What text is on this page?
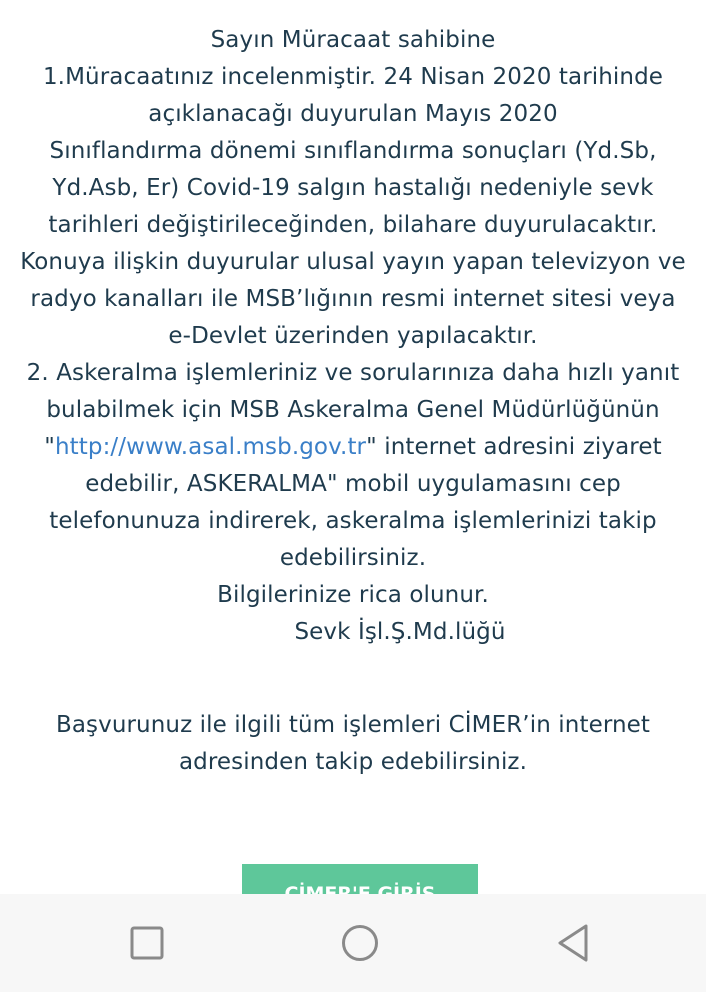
Sayın Müracaat sahibine
1.Müracaatınız incelenmiştir. 24 Nisan 2020 tarihinde
açıklanacağı duyurulan Mayıs 2020
Sınıflandırma dönemi sınıflandırma sonuçları (Yd.Sb,
Yd.Asb, Er) Covid-19 salgın hastalığı nedeniyle sevk
tarihleri değiştirileceğinden, bilahare duyurulacaktır.
Konuya ilişkin duyurular ulusal yayın yapan televizyon ve
radyo kanalları ile MSB’lığının resmi internet sitesi veya
e-Devlet üzerinden yapılacaktır.
2. Askeralma işlemleriniz ve sorularınıza daha hızlı yanıt
bulabilmek için MSB Askeralma Genel Müdürlüğünün
"http://www.asal.msb.gov.tr" internet adresini ziyaret
edebilir, ASKERALMA" mobil uygulamasını cep
telefonunuza indirerek, askeralma işlemlerinizi takip
edebilirsiniz.
Bilgilerinize rica olunur.
Sevk İşl.Ş.Md.lüğü
Başvurunuz ile ilgili tüm işlemleri CİMER’in internet
adresinden takip edebilirsiniz.
